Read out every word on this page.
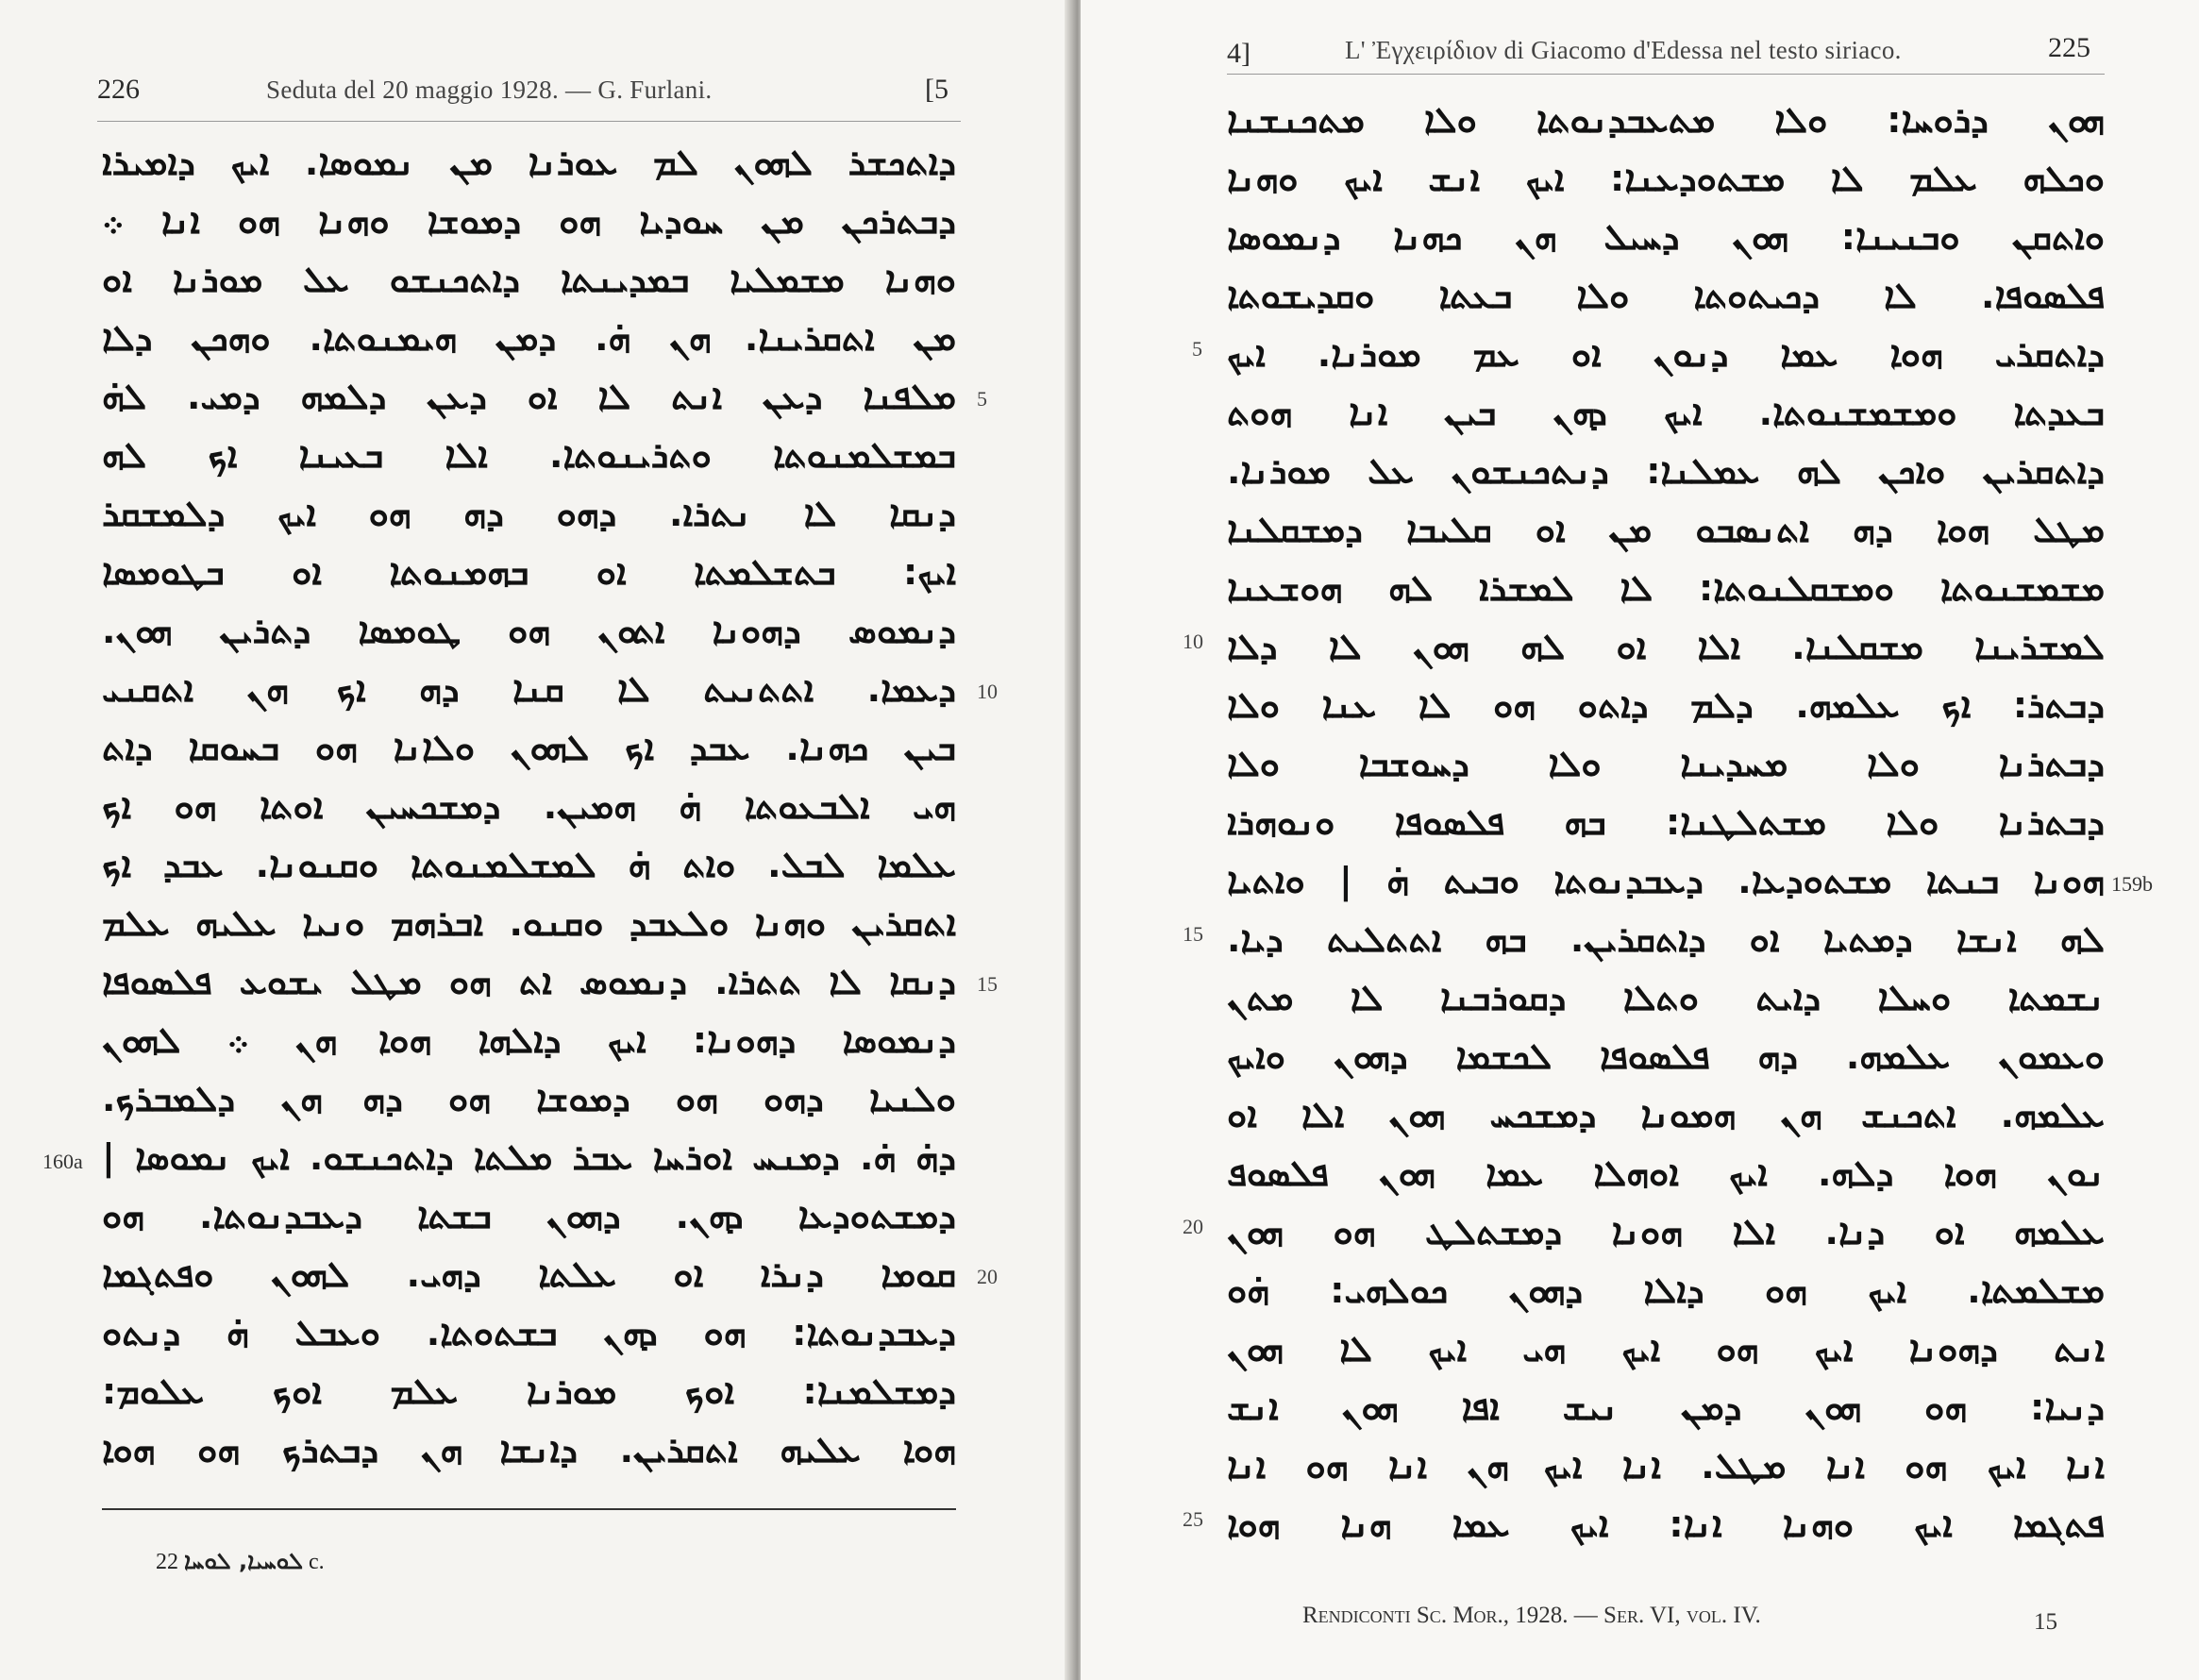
226	Seduta del 20 maggio 1928. — G. Furlani.	[5
ܕܐܬܟܫܪ ܠܗܘܢ ܠܡ ܥܘܪܢܐ ܡܢ ܢܡܘܣܐ. ܐܝܟ ܕܐܡܝܪܐ
ܕܒܬܪܟܢ ܡܢ ܚܘܕܝܐ ܗܘ ܕܡܘܫܐ ܘܗܢܐ ܗܘ ܐܢܐ ܀
ܘܗܢܐ ܡܫܡܠܝܐ ܒܡܕܝܢܬܐ ܕܐܬܟܢܫܘ ܥܠ ܡܘܪܢܐ ܐܘ
ܡܢ ܐܬܩܪܝܢܐ. ܗܢ ܗ̇. ܕܡܢ ܗܝܡܢܘܬܐ. ܘܗܟܢ ܕܠܐ
ܡܠܦܢܐ ܕܥܢ ܐܢܬ ܠܐ ܐܘ ܕܥܢ ܕܠܡܗ ܕܡܝ. ܠܗ̇
ܒܡܫܠܡܢܘܬܐ ܘܬܪܝܢܘܬܐ. ܐܠܐ ܒܥܝܢܐ ܐܟ ܠܗ
ܕܢܩܐ ܠܐ ܢܬܪܐ. ܕܗܘ ܕܗ ܗܘ ܐܝܟ ܕܠܡܫܩܪ
ܐܝܟ: ܒܬܫܠܡܬܐ ܐܘ ܒܗܡܢܘܬܐ ܐܘ ܒܛܘܡܣܐ
ܕܢܡܘܣ ܕܗܘܢܐ ܐܬܘܢ ܗܘ ܛܘܡܣܐ ܕܬܪܝܢ ܗܘܢ.
ܕܥܡܐ. ܐܬܬܢܝܬ ܠܐ ܩܢܐ ܕܗ ܐܟ ܗܢ ܐܬܩܢܝ
ܒܝܢ ܟܗܢܐ. ܥܒܕ ܐܟ ܠܗܘܢ ܘܠܐܢܐ ܗܘ ܒܚܘܩܐ ܕܐܬ
ܗܝ ܐܠܒܥܘܬܐ ܗ̇ ܗܡܝܢ. ܕܡܫܟܚܝܢ ܐܘܬܐ ܗܘ ܐܟ
ܥܠܡܐ ܠܒܠ. ܘܐܬ ܗ̇ ܠܡܫܠܡܢܘܬܐ ܘܩܢܘܢܐ. ܥܒܕ ܐܟ
ܐܬܩܪܝܢ ܘܗܢܐ ܘܠܥܒܕ ܘܩܢܘ. ܐܒܪܗܡ ܘܢܝܐ ܥܠܝܗ ܥܠܡ
ܕܢܩܐ ܠܐ ܬܬܪܐ. ܕܢܡܘܣ ܐܬ ܗܘ ܡܛܠ ܝܫܘܥ ܦܠܣܘܦܐ
ܕܢܡܘܣܐ ܕܗܘܢܐ: ܐܝܟ ܕܐܠܗܐ ܗܘܐ ܗܢ ܀ ܠܗܘܢ
ܘܠܢܝܐ ܕܗܘ ܗܘ ܕܡܘܫܐ ܗܘ ܕܗ ܗܢ ܕܠܡܒܪܟ.
ܕܗ̇ ܗ̇. ܕܡܢܚ ܐܘܪܚܐ ܥܒܪ ܡܠܬܐ ܕܐܬܟܢܫܘ. ܐܝܟ ܢܡܘܣܐ |
ܕܡܫܬܘܕܥܐ ܕܗܢ. ܕܗܘܢ ܒܫܬܐ ܕܥܒܕܢܘܬܐ. ܗܘ
ܩܘܡܐ ܕܢܪܐ ܐܘ ܥܠܬܐ ܕܗܝ. ܠܗܘܢ ܘܦܬܓܡܐ
ܕܥܒܕܢܘܬܐ: ܗܘ ܕܗܢ ܒܫܬܘܬܐ. ܘܥܒܠ ܗ̇ ܕܢܬܘ
ܕܡܫܠܡܢܐ: ܐܘܟ ܡܘܪܢܐ ܥܠܡ ܐܘܟ ܥܠܘܡ:
ܗܘܐ ܥܠܝܗ ܐܬܩܪܝܢ. ܕܐܢܫܐ ܗܢ ܕܒܬܪܟ ܗܘ ܗܘܐ
5
10
15
20
160a
22 ܠܘܚܝܐ, ܠܘܚܐ c.
4]	L' Ἐγχειρίδιον di Giacomo d'Edessa nel testo siriaco.	225
ܗܘܢ ܕܪܘܚܐ: ܘܠܐ ܡܬܥܒܕܢܘܬܐ ܘܠܐ ܡܬܟܢܫܢܐ
ܘܟܠܗ ܥܠܡ ܠܐ ܡܫܬܘܕܥܢܐ: ܐܝܟ ܐܢܫ ܐܝܟ ܘܗܢܐ
ܘܐܬܩܢ ܘܒܢܝܢܐ: ܗܘܢ ܕܚܝܠ ܗܢ ܟܗܢܐ ܕܢܡܘܣܐ
ܦܠܣܘܦܐ. ܠܐ ܕܟܝܬܘܬܐ ܘܠܐ ܒܥܬܐ ܘܩܕܝܫܘܬܐ
ܕܐܬܩܪܝ ܗܘܐ ܥܡܐ ܕܢܘܢ ܐܘ ܥܡ ܡܘܪܢܐ. ܐܝܟ
ܒܥܕܬܐ ܘܡܫܡܫܢܘܬܐ. ܐܝܟ ܕܗܢ ܒܝܢ ܐܢܐ ܗܘܬ
ܕܐܬܩܪܝܢ ܘܐܟܢ ܠܗ ܥܡܠܢܐ: ܕܢܬܟܢܫܘܢ ܥܠ ܡܘܪܢܐ.
ܡܛܠ ܗܘܐ ܕܗ ܐܬܢܣܒܘ ܡܢ ܐܘ ܩܠܝܒܐ ܕܡܫܩܠܢܐ
ܡܫܡܫܢܘܬܐ ܘܡܫܩܠܢܘܬܐ: ܠܐ ܠܡܫܪܐ ܠܗ ܗܘܫܥܢܐ
ܠܡܫܪܝܢܐ ܡܫܩܠܢܐ. ܐܠܐ ܐܘ ܠܗ ܗܘܢ ܠܐ ܕܠܐ
ܕܒܬܪ: ܐܟ ܥܠܡܗ. ܕܠܡ ܕܐܬܘ ܗܘ ܠܐ ܥܢܐ ܘܠܐ
ܕܒܬܪܢܐ ܘܠܐ ܡܚܕܝܢܐ ܘܠܐ ܕܚܘܫܒܐ ܘܠܐ
ܕܒܬܪܢܐ ܘܠܐ ܡܫܬܠܛܢܐ: ܒܗ ܦܠܣܘܦܐ ܘܢܘܗܪܐ
ܗܘܢܐ ܒܢܬܐ ܡܫܬܘܕܥܐ. ܕܥܒܕܢܘܬܐ ܘܒܝܬ ܗ̇ | ܘܐܬܝܐ
ܠܗ ܐܢܫܐ ܕܡܬܝܐ ܐܘ ܕܐܬܩܪܝܢ. ܒܗ ܐܬܬܠܝܬ ܕܝܐ.
ܢܫܡܬܐ ܘܚܠܐ ܕܐܝܬ ܘܬܠܐ ܕܩܘܪܒܢܐ ܠܐ ܡܬܢ
ܘܥܡܘܢ ܥܠܡܗ. ܕܗ ܦܠܣܘܦܐ ܠܟܫܡܐ ܕܗܘܢ ܘܐܝܟ
ܥܠܡܗ. ܐܬܟܢܫ ܗܢ ܗܡܘܢܐ ܕܡܫܟܚ ܗܘܢ ܐܠܐ ܐܘ
ܢܘܢ ܗܘܐ ܕܠܗ. ܐܝܟ ܐܘܗܠܐ ܥܡܐ ܗܘܢ ܦܠܣܘܦ
ܥܠܡܗ ܐܘ ܕܢܐ. ܐܠܐ ܗܘܢܐ ܕܡܫܬܠܛ ܗܘ ܗܘܢ
ܡܫܠܡܬܐ. ܐܝܟ ܗܘ ܕܐܠܐ ܕܗܘܢ ܟܘܠܗܝ: ܗ̇ܘ
ܐܢܬ ܕܗܘܢܐ ܐܝܟ ܗܘ ܐܝܟ ܗܝ ܐܝܟ ܠܐ ܗܘܢ
ܕܢܝܐ: ܗܘ ܗܘܢ ܕܡܢ ܢܝܫ ܐܦܐ ܗܘܢ ܐܢܫ
ܐܢܐ ܐܝܟ ܗܘ ܐܢܐ ܡܛܠ. ܐܢܐ ܐܝܟ ܗܢ ܐܢܐ ܗܘ ܐܢܐ
ܦܬܓܡܐ ܐܝܟ ܘܗܢܐ ܐܢܐ: ܐܝܟ ܥܡܐ ܗܢܐ ܗܘܐ
5
10
15
20
25
159b
Rendiconti Sc. Mor., 1928. — Ser. VI, vol. IV.	15
